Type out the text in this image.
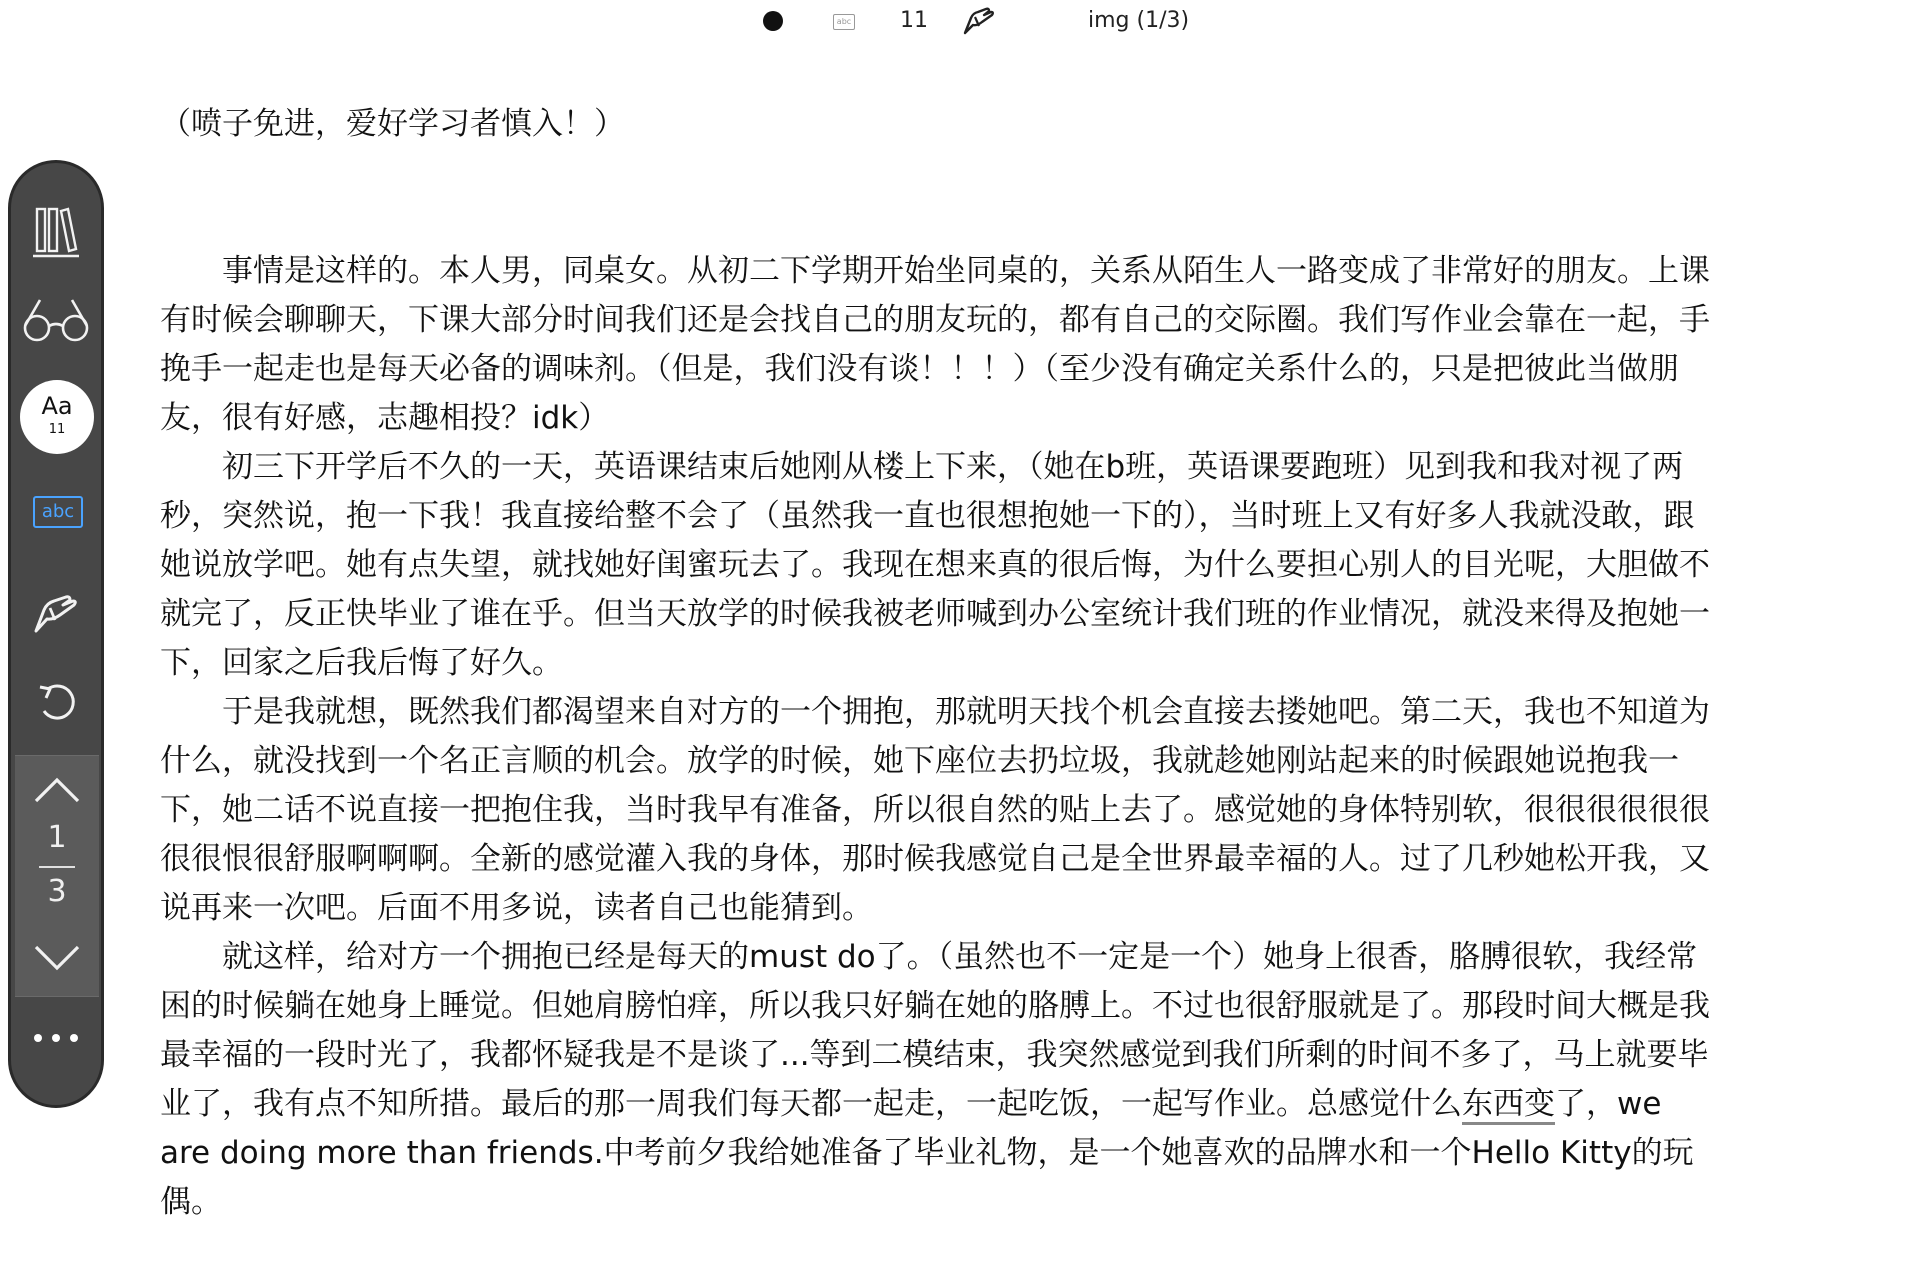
abc 11	img (1/3)
Aa
11
abc
1
3

（喷子免进，爱好学习者慎入！）

事情是这样的。本人男，同桌女。从初二下学期开始坐同桌的，关系从陌生人一路变成了非常好的朋友。上课有时候会聊聊天，下课大部分时间我们还是会找自己的朋友玩的，都有自己的交际圈。我们写作业会靠在一起，手挽手一起走也是每天必备的调味剂。（但是，我们没有谈！！！）（至少没有确定关系什么的，只是把彼此当做朋友，很有好感，志趣相投？idk）

初三下开学后不久的一天，英语课结束后她刚从楼上下来，（她在b班，英语课要跑班）见到我和我对视了两秒，突然说，抱一下我！我直接给整不会了（虽然我一直也很想抱她一下的），当时班上又有好多人我就没敢，跟她说放学吧。她有点失望，就找她好闺蜜玩去了。我现在想来真的很后悔，为什么要担心别人的目光呢，大胆做不就完了，反正快毕业了谁在乎。但当天放学的时候我被老师喊到办公室统计我们班的作业情况，就没来得及抱她一下，回家之后我后悔了好久。

于是我就想，既然我们都渴望来自对方的一个拥抱，那就明天找个机会直接去搂她吧。第二天，我也不知道为什么，就没找到一个名正言顺的机会。放学的时候，她下座位去扔垃圾，我就趁她刚站起来的时候跟她说抱我一下，她二话不说直接一把抱住我，当时我早有准备，所以很自然的贴上去了。感觉她的身体特别软，很很很很很很很很恨很舒服啊啊啊。全新的感觉灌入我的身体，那时候我感觉自己是全世界最幸福的人。过了几秒她松开我，又说再来一次吧。后面不用多说，读者自己也能猜到。

就这样，给对方一个拥抱已经是每天的must do了。（虽然也不一定是一个）她身上很香，胳膊很软，我经常困的时候躺在她身上睡觉。但她肩膀怕痒，所以我只好躺在她的胳膊上。不过也很舒服就是了。那段时间大概是我最幸福的一段时光了，我都怀疑我是不是谈了...等到二模结束，我突然感觉到我们所剩的时间不多了，马上就要毕业了，我有点不知所措。最后的那一周我们每天都一起走，一起吃饭，一起写作业。总感觉什么东西变了，we are doing more than friends.中考前夕我给她准备了毕业礼物，是一个她喜欢的品牌水和一个Hello Kitty的玩偶。
